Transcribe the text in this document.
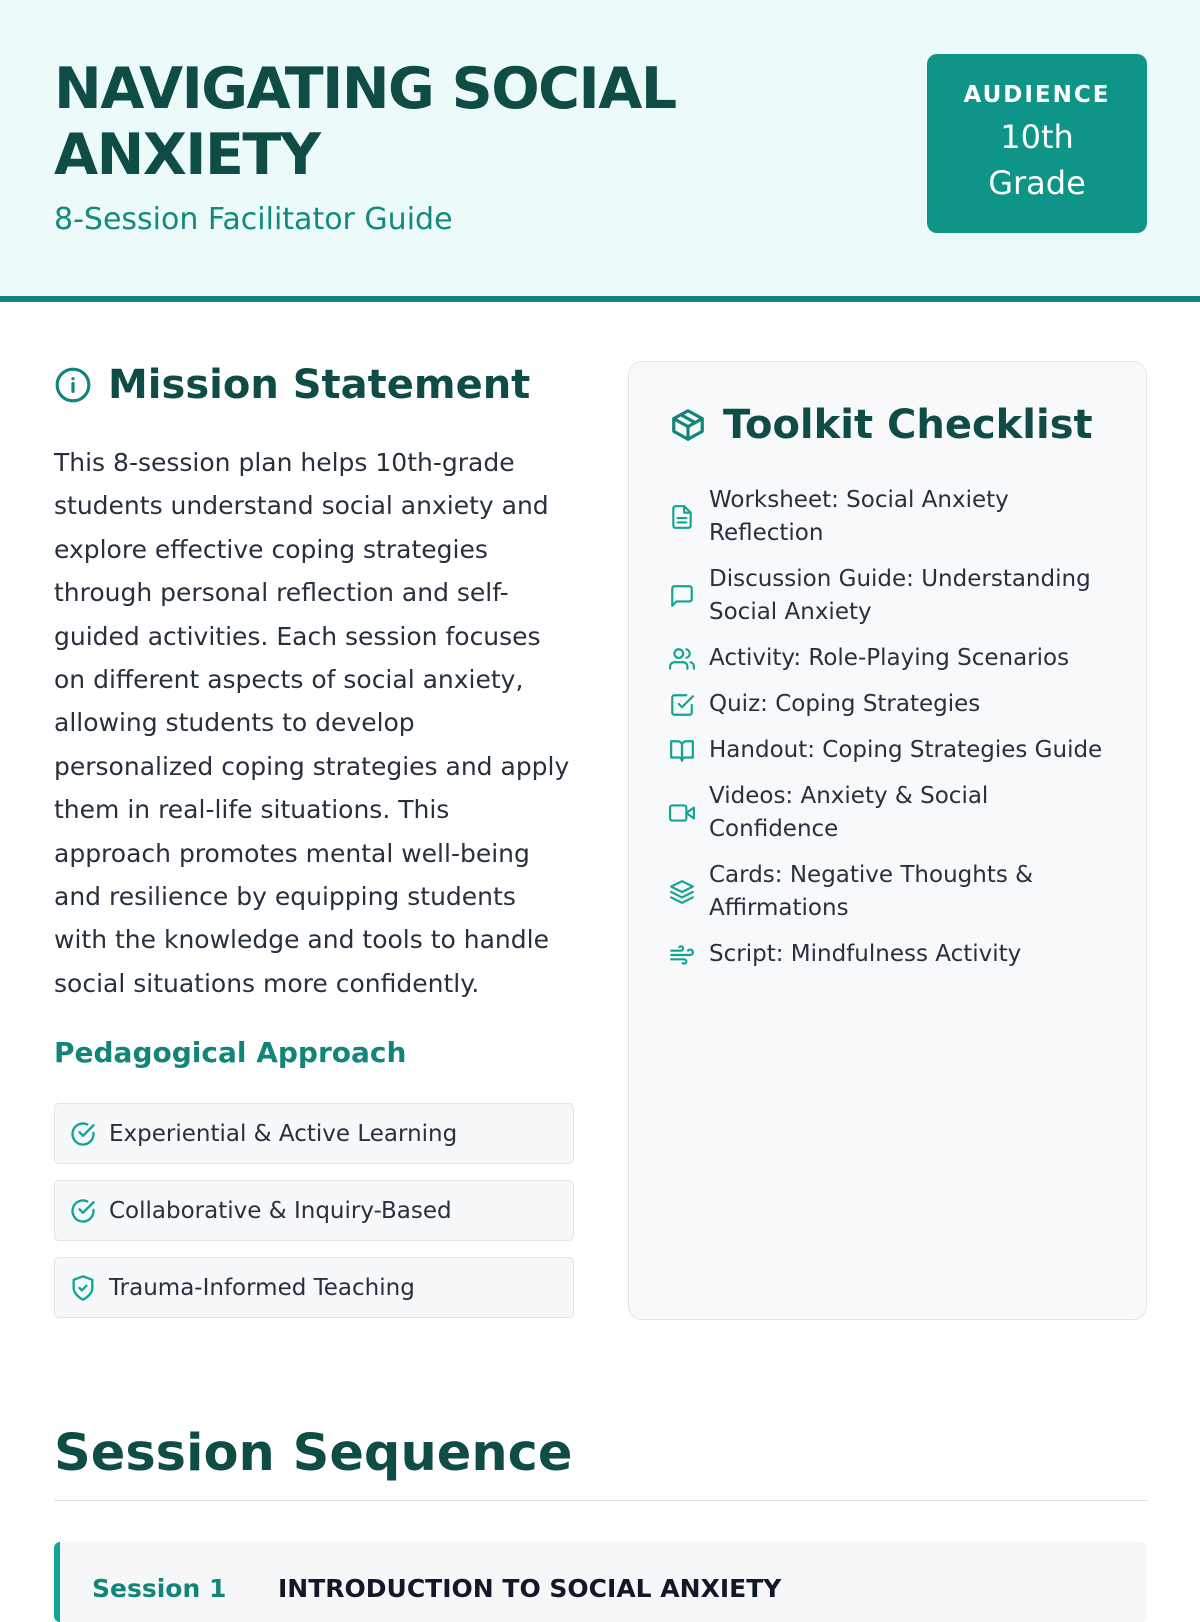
NAVIGATING SOCIAL ANXIETY
8-Session Facilitator Guide
AUDIENCE
10th Grade
Mission Statement

This 8-session plan helps 10th-grade students understand social anxiety and explore effective coping strategies through personal reflection and self-guided activities. Each session focuses on different aspects of social anxiety, allowing students to develop personalized coping strategies and apply them in real-life situations. This approach promotes mental well-being and resilience by equipping students with the knowledge and tools to handle social situations more confidently.

Pedagogical Approach
Experiential & Active Learning
Collaborative & Inquiry-Based
Trauma-Informed Teaching
Toolkit Checklist
Worksheet: Social Anxiety Reflection
Discussion Guide: Understanding Social Anxiety
Activity: Role-Playing Scenarios
Quiz: Coping Strategies
Handout: Coping Strategies Guide
Videos: Anxiety & Social Confidence
Cards: Negative Thoughts & Affirmations
Script: Mindfulness Activity
Session Sequence
Session 1 INTRODUCTION TO SOCIAL ANXIETY
